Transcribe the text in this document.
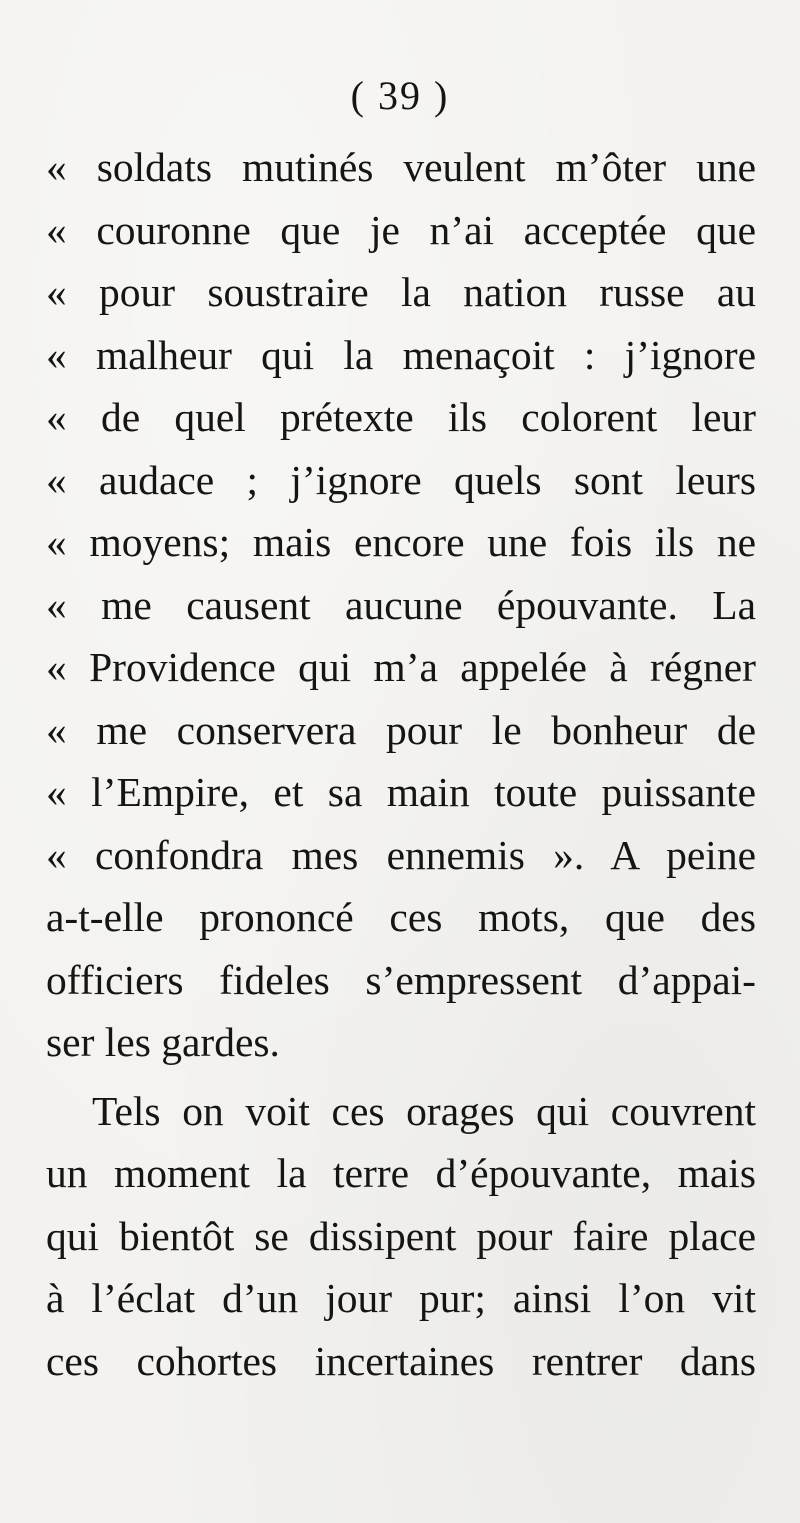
( 39 )
« soldats mutinés veulent m’ôter une
« couronne que je n’ai acceptée que
« pour soustraire la nation russe au
« malheur qui la menaçoit : j’ignore
« de quel prétexte ils colorent leur
« audace ; j’ignore quels sont leurs
« moyens; mais encore une fois ils ne
« me causent aucune épouvante. La
« Providence qui m’a appelée à régner
« me conservera pour le bonheur de
« l’Empire, et sa main toute puissante
« confondra mes ennemis ». A peine
a-t-elle prononcé ces mots, que des
officiers fideles s’empressent d’appai-
ser les gardes.
Tels on voit ces orages qui couvrent
un moment la terre d’épouvante, mais
qui bientôt se dissipent pour faire place
à l’éclat d’un jour pur; ainsi l’on vit
ces cohortes incertaines rentrer dans
